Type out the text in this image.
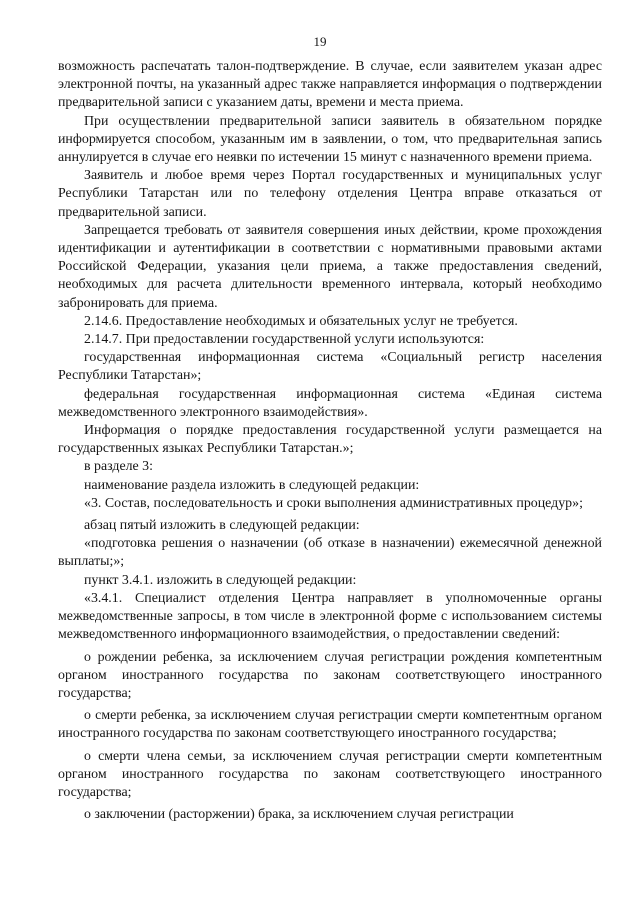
19

возможность распечатать талон-подтверждение. В случае, если заявителем указан адрес электронной почты, на указанный адрес также направляется информация о подтверждении предварительной записи с указанием даты, времени и места приема.

При осуществлении предварительной записи заявитель в обязательном порядке информируется способом, указанным им в заявлении, о том, что предварительная запись аннулируется в случае его неявки по истечении 15 минут с назначенного времени приема.

Заявитель и любое время через Портал государственных и муниципальных услуг Республики Татарстан или по телефону отделения Центра вправе отказаться от предварительной записи.

Запрещается требовать от заявителя совершения иных действии, кроме прохождения идентификации и аутентификации в соответствии с нормативными правовыми актами Российской Федерации, указания цели приема, а также предоставления сведений, необходимых для расчета длительности временного интервала, который необходимо забронировать для приема.

2.14.6. Предоставление необходимых и обязательных услуг не требуется.

2.14.7. При предоставлении государственной услуги используются:

государственная информационная система «Социальный регистр населения Республики Татарстан»;

федеральная государственная информационная система «Единая система межведомственного электронного взаимодействия».

Информация о порядке предоставления государственной услуги размещается на государственных языках Республики Татарстан.»;

в разделе 3:

наименование раздела изложить в следующей редакции:

«3. Состав, последовательность и сроки выполнения административных процедур»;

абзац пятый изложить в следующей редакции:

«подготовка решения о назначении (об отказе в назначении) ежемесячной денежной выплаты;»;

пункт 3.4.1. изложить в следующей редакции:

«3.4.1. Специалист отделения Центра направляет в уполномоченные органы межведомственные запросы, в том числе в электронной форме с использованием системы межведомственного информационного взаимодействия, о предоставлении сведений:

о рождении ребенка, за исключением случая регистрации рождения компетентным органом иностранного государства по законам соответствующего иностранного государства;

о смерти ребенка, за исключением случая регистрации смерти компетентным органом иностранного государства по законам соответствующего иностранного государства;

о смерти члена семьи, за исключением случая регистрации смерти компетентным органом иностранного государства по законам соответствующего иностранного государства;

о заключении (расторжении) брака, за исключением случая регистрации
